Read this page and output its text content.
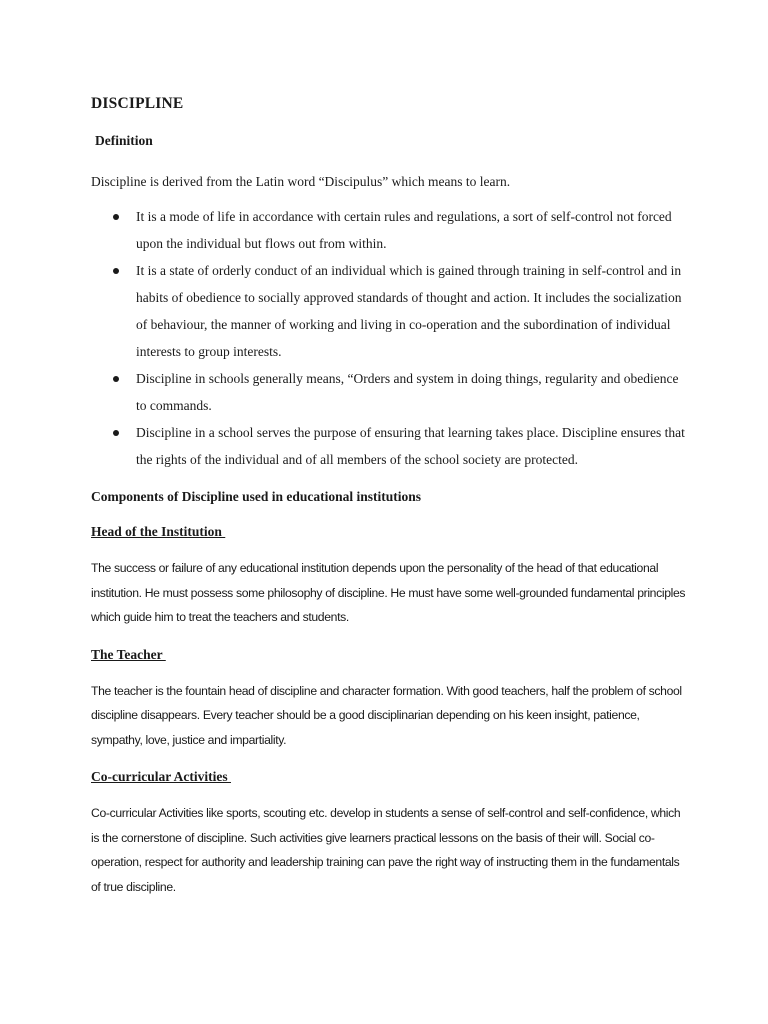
DISCIPLINE
Definition

Discipline is derived from the Latin word “Discipulus” which means to learn.

It is a mode of life in accordance with certain rules and regulations, a sort of self-control not forced upon the individual but flows out from within.
It is a state of orderly conduct of an individual which is gained through training in self-control and in habits of obedience to socially approved standards of thought and action. It includes the socialization of behaviour, the manner of working and living in co-operation and the subordination of individual interests to group interests.
Discipline in schools generally means, “Orders and system in doing things, regularity and obedience to commands.
Discipline in a school serves the purpose of ensuring that learning takes place. Discipline ensures that the rights of the individual and of all members of the school society are protected.
Components of Discipline used in educational institutions
Head of the Institution

The success or failure of any educational institution depends upon the personality of the head of that educational institution. He must possess some philosophy of discipline. He must have some well-grounded fundamental principles which guide him to treat the teachers and students.

The Teacher

The teacher is the fountain head of discipline and character formation. With good teachers, half the problem of school discipline disappears. Every teacher should be a good disciplinarian depending on his keen insight, patience, sympathy, love, justice and impartiality.

Co-curricular Activities

Co-curricular Activities like sports, scouting etc. develop in students a sense of self-control and self-confidence, which is the cornerstone of discipline. Such activities give learners practical lessons on the basis of their will. Social co-operation, respect for authority and leadership training can pave the right way of instructing them in the fundamentals of true discipline.
